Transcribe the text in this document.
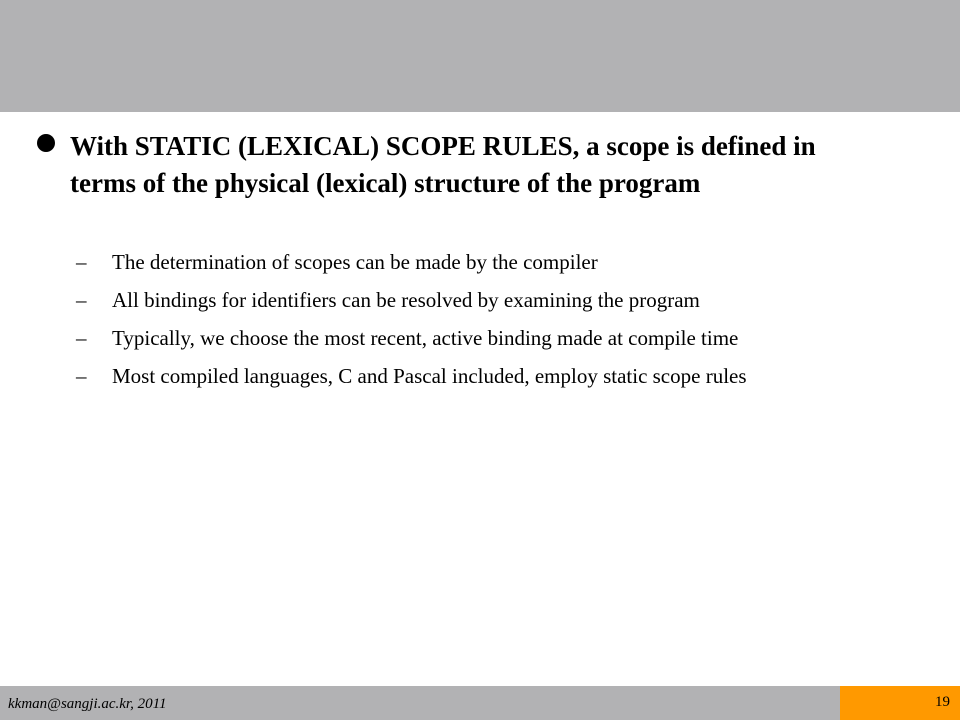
With STATIC (LEXICAL) SCOPE RULES, a scope is defined in terms of the physical (lexical) structure of the program
–	The determination of scopes can be made by the compiler
–	All bindings for identifiers can be resolved by examining the program
–	Typically, we choose the most recent, active binding made at compile time
–	Most compiled languages, C and Pascal included, employ static scope rules
kkman@sangji.ac.kr, 2011	19
